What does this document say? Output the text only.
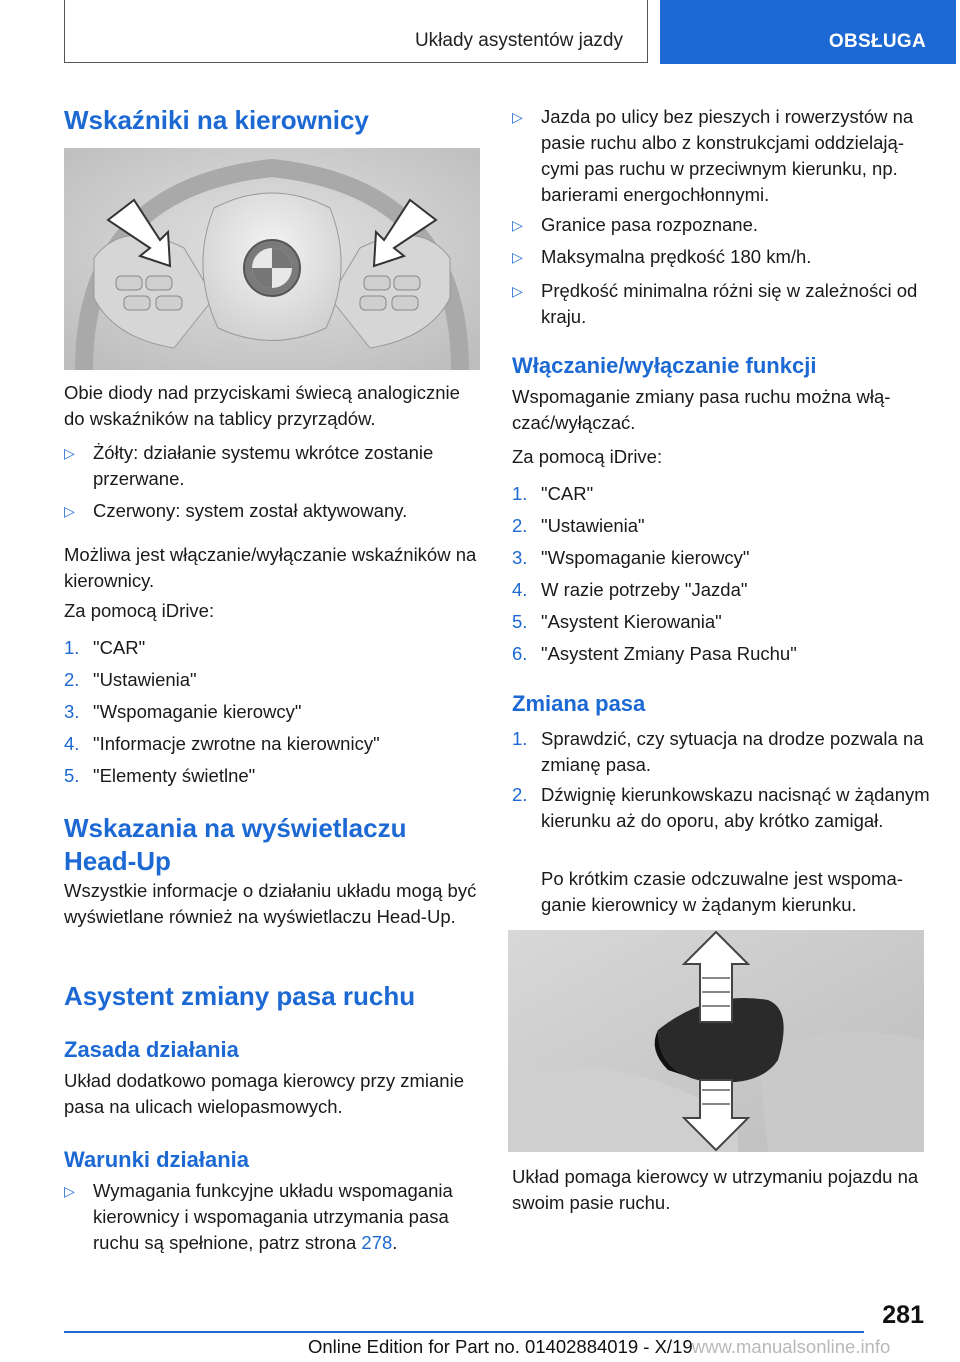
Układy asystentów jazdy	OBSŁUGA
Wskaźniki na kierownicy

Obie diody nad przyciskami świecą analogicznie do wskaźników na tablicy przyrządów.

▷ Żółty: działanie systemu wkrótce zostanie przerwane.
▷ Czerwony: system został aktywowany.

Możliwa jest włączanie/wyłączanie wskaźników na kierownicy.

Za pomocą iDrive:

1. "CAR"
2. "Ustawienia"
3. "Wspomaganie kierowcy"
4. "Informacje zwrotne na kierownicy"
5. "Elementy świetlne"
Wskazania na wyświetlaczu Head-Up

Wszystkie informacje o działaniu układu mogą być wyświetlane również na wyświetlaczu Head-Up.

Asystent zmiany pasa ruchu
Zasada działania

Układ dodatkowo pomaga kierowcy przy zmianie pasa na ulicach wielopasmowych.

Warunki działania
▷ Wymagania funkcyjne układu wspomagania kierownicy i wspomagania utrzymania pasa ruchu są spełnione, patrz strona 278.
▷ Jazda po ulicy bez pieszych i rowerzystów na pasie ruchu albo z konstrukcjami oddzielającymi pas ruchu w przeciwnym kierunku, np. barierami energochłonnymi.
▷ Granice pasa rozpoznane.
▷ Maksymalna prędkość 180 km/h.
▷ Prędkość minimalna różni się w zależności od kraju.
Włączanie/wyłączanie funkcji

Wspomaganie zmiany pasa ruchu można włączać/wyłączać.

Za pomocą iDrive:

1. "CAR"
2. "Ustawienia"
3. "Wspomaganie kierowcy"
4. W razie potrzeby "Jazda"
5. "Asystent Kierowania"
6. "Asystent Zmiany Pasa Ruchu"
Zmiana pasa
1. Sprawdzić, czy sytuacja na drodze pozwala na zmianę pasa.
2. Dźwignię kierunkowskazu nacisnąć w żądanym kierunku aż do oporu, aby krótko zamigał.
Po krótkim czasie odczuwalne jest wspomaganie kierownicy w żądanym kierunku.

Układ pomaga kierowcy w utrzymaniu pojazdu na swoim pasie ruchu.

281
Online Edition for Part no. 01402884019 - X/19 www.manualsonline.info
